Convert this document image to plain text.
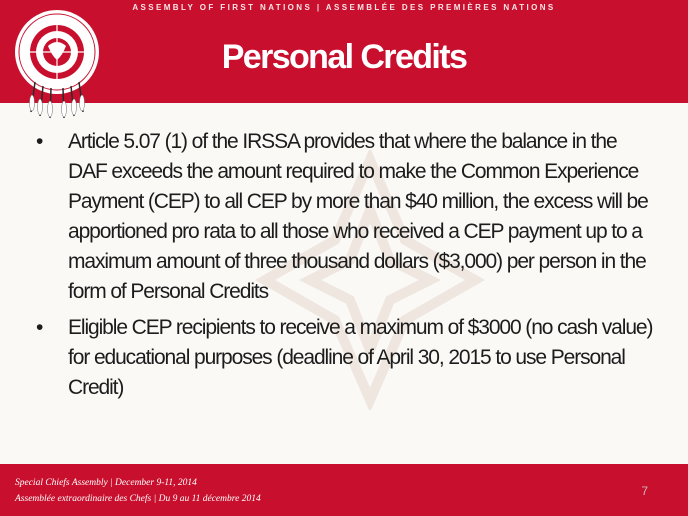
ASSEMBLY OF FIRST NATIONS | ASSEMBLÉE DES PREMIÈRES NATIONS
Personal Credits
• Article 5.07 (1) of the IRSSA provides that where the balance in the DAF exceeds the amount required to make the Common Experience Payment (CEP) to all CEP by more than $40 million, the excess will be apportioned pro rata to all those who received a CEP payment up to a maximum amount of three thousand dollars ($3,000) per person in the form of Personal Credits
• Eligible CEP recipients to receive a maximum of $3000 (no cash value) for educational purposes (deadline of April 30, 2015 to use Personal Credit)
Special Chiefs Assembly | December 9-11, 2014
Assemblée extraordinaire des Chefs | Du 9 au 11 décembre 2014
7
